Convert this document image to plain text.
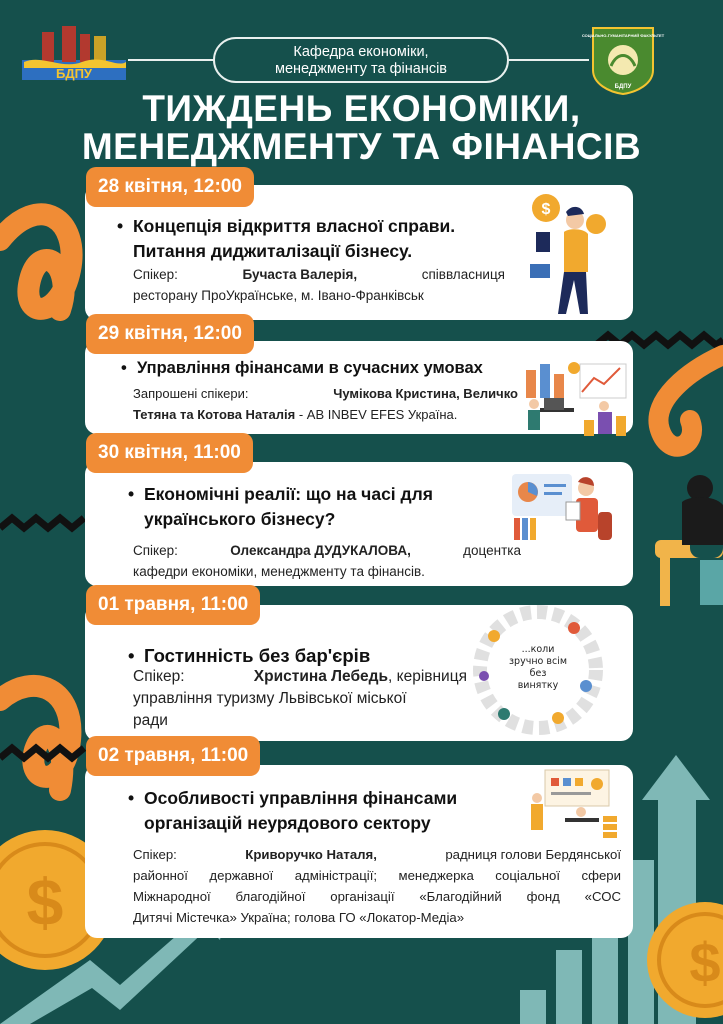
$
$
БДПУ
СОЦІАЛЬНО-ГУМАНІТАРНИЙ ФАКУЛЬТЕТ
БДПУ
Кафедра економіки,
менеджменту та фінансів
ТИЖДЕНЬ ЕКОНОМІКИ,
МЕНЕДЖМЕНТУ ТА ФІНАНСІВ
28 квітня, 12:00
• Концепція відкриття власної справи.
Питання диджиталізації бізнесу.
Спікер:	Бучаста Валерія,	співвласниця
ресторану ПроУкраїнське, м. Івано-Франківськ
$
29 квітня, 12:00
• Управління фінансами в сучасних умовах
Запрошені спікери:	Чумікова Кристина, Величко
Тетяна та Котова Наталія - AB INBEV EFES Україна.
30 квітня, 11:00
• Економічні реалії: що на часі для
українського бізнесу?
Спікер:	Олександра ДУДУКАЛОВА,	доцентка
кафедри економіки, менеджменту та фінансів.
01 травня, 11:00
• Гостинність без бар'єрів
Спікер:	Христина Лебедь, керівниця
управління туризму Львівської міської
ради
...коли зручно всім без винятку
02 травня, 11:00
• Особливості управління фінансами
організацій неурядового сектору
Спікер:	Криворучко Наталя,	радниця голови Бердянської
районної державної адміністрації; менеджерка соціальної сфери
Міжнародної благодійної організації «Благодійний фонд «СОС
Дитячі Містечка» Україна; голова ГО «Локатор-Медіа»
